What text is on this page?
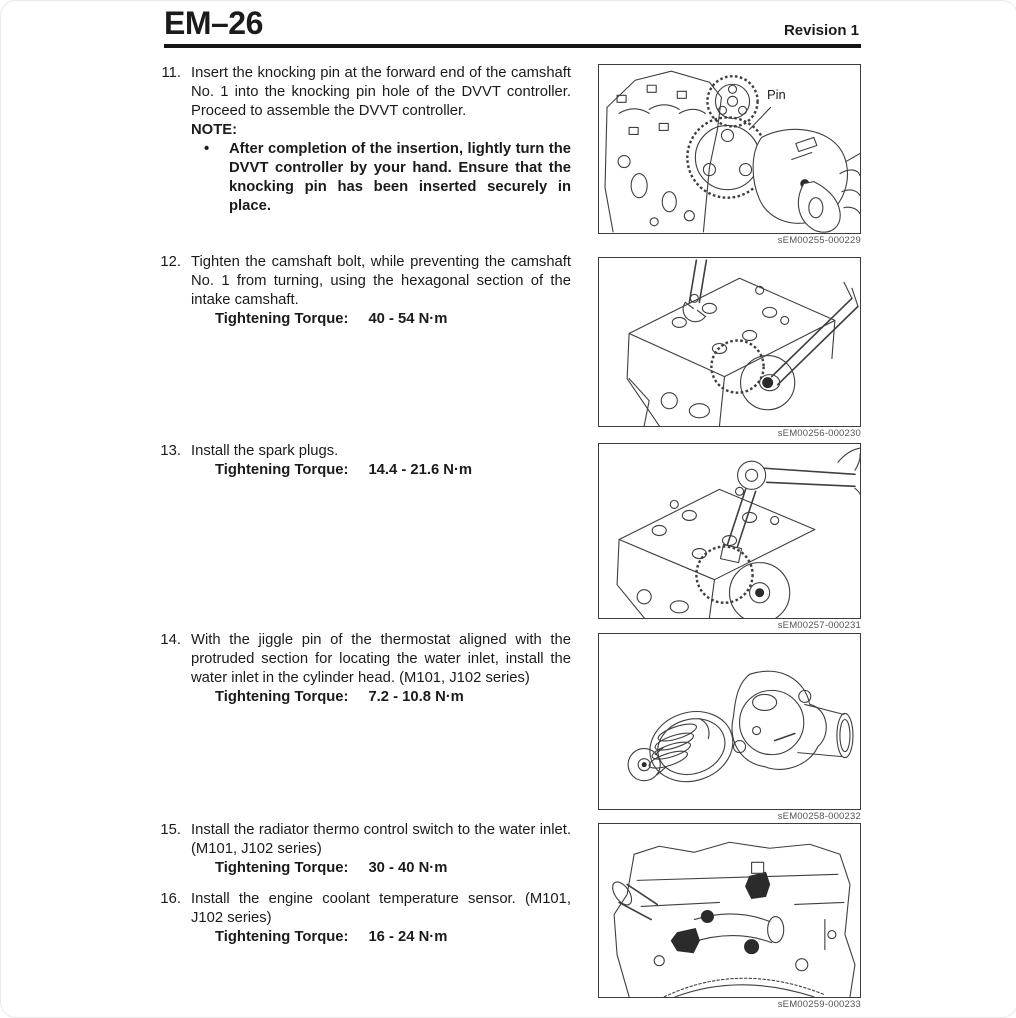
EM–26	Revision 1
11. Insert the knocking pin at the forward end of the camshaft No. 1 into the knocking pin hole of the DVVT controller. Proceed to assemble the DVVT controller.
NOTE:
•	After completion of the insertion, lightly turn the DVVT controller by your hand. Ensure that the knocking pin has been inserted securely in place.
12. Tighten the camshaft bolt, while preventing the camshaft No. 1 from turning, using the hexagonal section of the intake camshaft.
Tightening Torque: 40 - 54 N·m
13. Install the spark plugs.
Tightening Torque: 14.4 - 21.6 N·m
14. With the jiggle pin of the thermostat aligned with the protruded section for locating the water inlet, install the water inlet in the cylinder head. (M101, J102 series)
Tightening Torque: 7.2 - 10.8 N·m
15. Install the radiator thermo control switch to the water inlet. (M101, J102 series)
Tightening Torque: 30 - 40 N·m
16. Install the engine coolant temperature sensor. (M101, J102 series)
Tightening Torque: 16 - 24 N·m
Pin
sEM00255-000229
sEM00256-000230
sEM00257-000231
sEM00258-000232
sEM00259-000233
